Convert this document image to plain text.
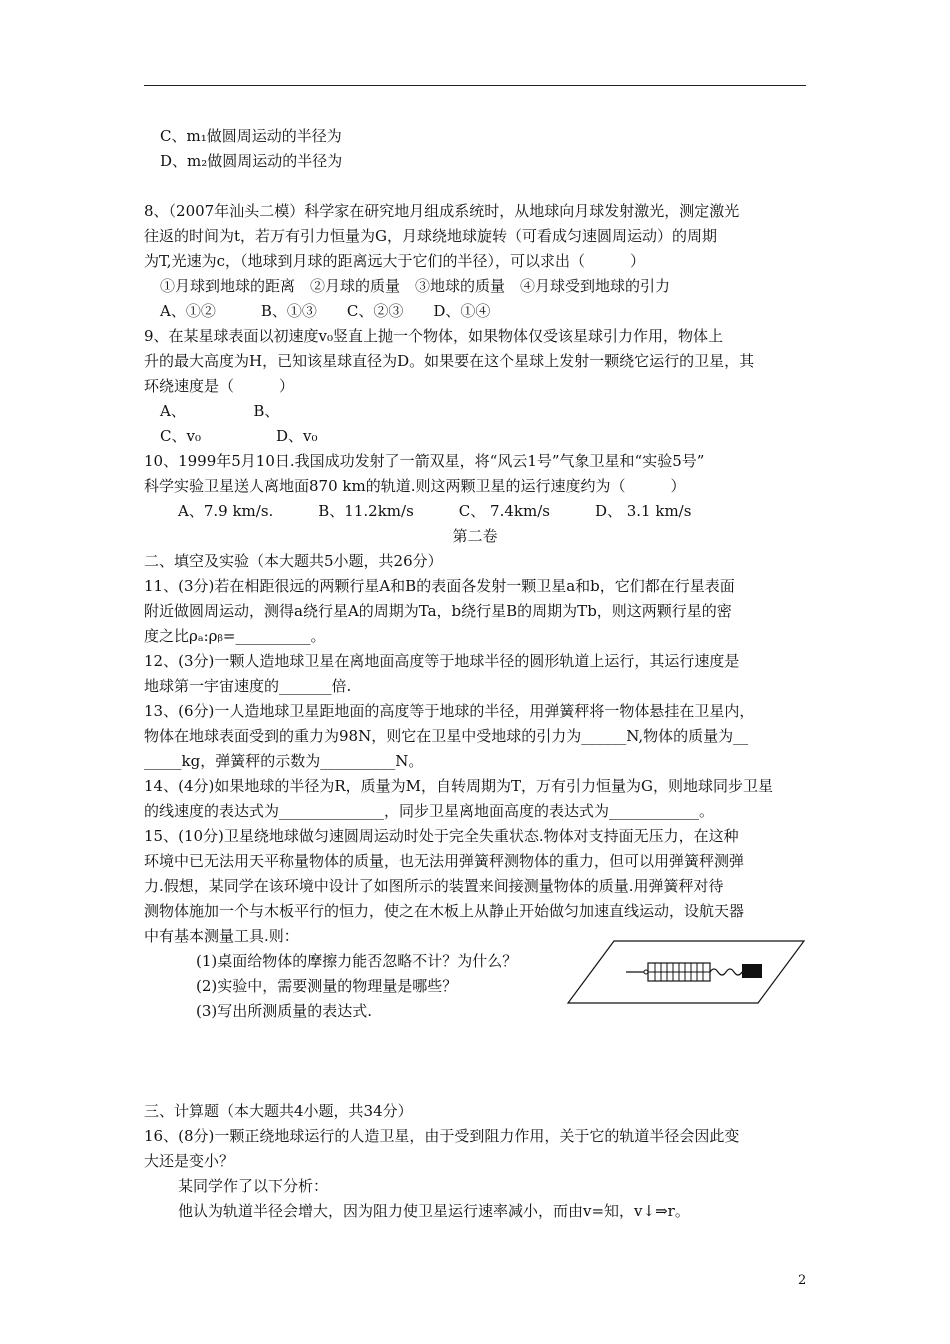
C、m₁做圆周运动的半径为
D、m₂做圆周运动的半径为
8、（2007年汕头二模）科学家在研究地月组成系统时，从地球向月球发射激光，测定激光
往返的时间为t，若万有引力恒量为G，月球绕地球旋转（可看成匀速圆周运动）的周期
为T,光速为c，（地球到月球的距离远大于它们的半径），可以求出（　　　）
①月球到地球的距离　②月球的质量　③地球的质量　④月球受到地球的引力
A、①②　　　B、①③　　C、②③　　D、①④
9、在某星球表面以初速度v₀竖直上抛一个物体，如果物体仅受该星球引力作用，物体上
升的最大高度为H，已知该星球直径为D。如果要在这个星球上发射一颗绕它运行的卫星，其
环绕速度是（　　　）
A、　　　　　B、
C、v₀　　　　　D、v₀
10、1999年5月10日.我国成功发射了一箭双星，将“风云1号”气象卫星和“实验5号”
科学实验卫星送人离地面870 km的轨道.则这两颗卫星的运行速度约为（　　　）
A、7.9 km/s.　　　B、11.2km/s　　　C、 7.4km/s　　　D、 3.1 km/s
第二卷
二、填空及实验（本大题共5小题，共26分）
11、(3分)若在相距很远的两颗行星A和B的表面各发射一颗卫星a和b，它们都在行星表面
附近做圆周运动，测得a绕行星A的周期为Ta，b绕行星B的周期为Tb，则这两颗行星的密
度之比ρₐ:ρᵦ=__________。
12、(3分)一颗人造地球卫星在离地面高度等于地球半径的圆形轨道上运行，其运行速度是
地球第一宇宙速度的_______倍.
13、(6分)一人造地球卫星距地面的高度等于地球的半径，用弹簧秤将一物体悬挂在卫星内，
物体在地球表面受到的重力为98N，则它在卫星中受地球的引力为______N,物体的质量为__
_____kg，弹簧秤的示数为__________N。
14、(4分)如果地球的半径为R，质量为M，自转周期为T，万有引力恒量为G，则地球同步卫星
的线速度的表达式为______________，同步卫星离地面高度的表达式为____________。
15、(10分)卫星绕地球做匀速圆周运动时处于完全失重状态.物体对支持面无压力，在这种
环境中已无法用天平称量物体的质量，也无法用弹簧秤测物体的重力，但可以用弹簧秤测弹
力.假想，某同学在该环境中设计了如图所示的装置来间接测量物体的质量.用弹簧秤对待
测物体施加一个与木板平行的恒力，使之在木板上从静止开始做匀加速直线运动，设航天器
中有基本测量工具.则：
(1)桌面给物体的摩擦力能否忽略不计？为什么？
(2)实验中，需要测量的物理量是哪些？
(3)写出所测质量的表达式.
三、计算题（本大题共4小题，共34分）
16、(8分)一颗正绕地球运行的人造卫星，由于受到阻力作用，关于它的轨道半径会因此变
大还是变小？
某同学作了以下分析：
他认为轨道半径会增大，因为阻力使卫星运行速率减小，而由v=知，v↓⇒r。
2
